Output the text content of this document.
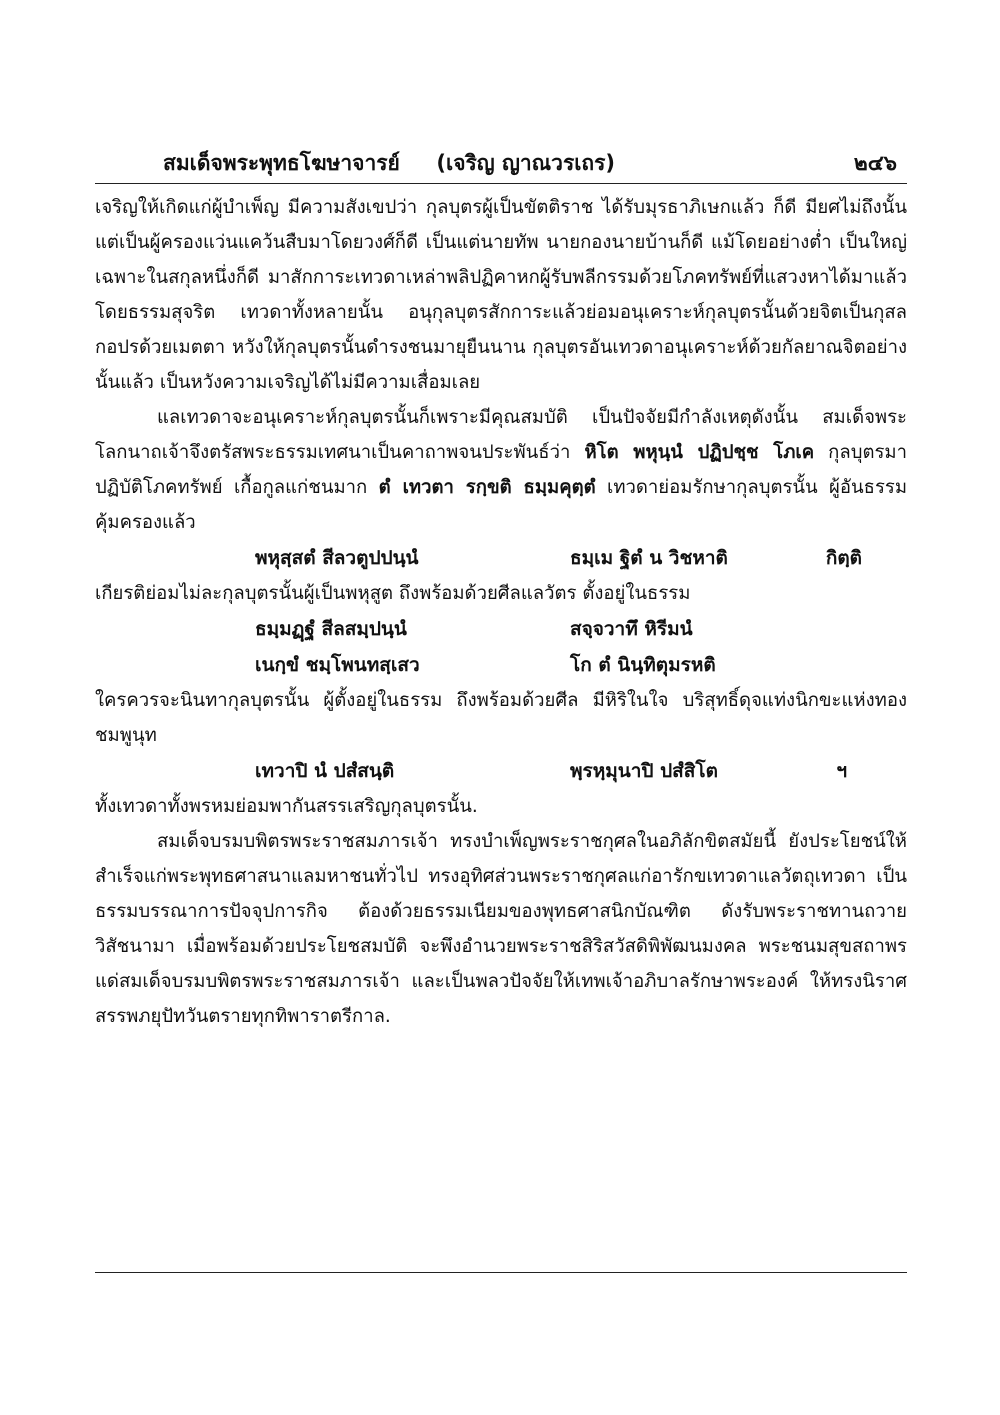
สมเด็จพระพุทธโฆษาจารย์     (เจริญ ญาณวรเถร)	๒๔๖

เจริญให้เกิดแก่ผู้บำเพ็ญ มีความสังเขปว่า กุลบุตรผู้เป็นขัตติราช ได้รับมุรธาภิเษกแล้ว ก็ดี มียศไม่ถึงนั้น แต่เป็นผู้ครองแว่นแคว้นสืบมาโดยวงศ์ก็ดี เป็นแต่นายทัพ นายกองนายบ้านก็ดี แม้โดยอย่างต่ำ เป็นใหญ่ เฉพาะในสกุลหนึ่งก็ดี มาสักการะเทวดาเหล่าพลิปฏิคาหกผู้รับพลีกรรมด้วยโภคทรัพย์ที่แสวงหาได้มาแล้วโดยธรรมสุจริต เทวดาทั้งหลายนั้น อนุกุลบุตรสักการะแล้วย่อมอนุเคราะห์กุลบุตรนั้นด้วยจิตเป็นกุสลกอปรด้วยเมตตา หวังให้กุลบุตรนั้นดำรงชนมายุยืนนาน กุลบุตรอันเทวดาอนุเคราะห์ด้วยกัลยาณจิตอย่างนั้นแล้ว เป็นหวังความเจริญได้ไม่มีความเสื่อมเลย

แลเทวดาจะอนุเคราะห์กุลบุตรนั้นก็เพราะมีคุณสมบัติ เป็นปัจจัยมีกำลังเหตุดังนั้น สมเด็จพระโลกนาถเจ้าจึงตรัสพระธรรมเทศนาเป็นคาถาพจนประพันธ์ว่า หิโต พหุนฺนํ ปฏิปชฺช โภเค กุลบุตรมาปฏิบัติโภคทรัพย์ เกื้อกูลแก่ชนมาก ตํ เทวตา รกฺขติ ธมฺมคุตฺตํ เทวดาย่อมรักษากุลบุตรนั้น ผู้อันธรรมคุ้มครองแล้ว

พหุสฺสตํ สีลวตูปปนฺนํ	ธมฺเม ฐิตํ น วิชหาติ	กิตฺติ

เกียรติย่อมไม่ละกุลบุตรนั้นผู้เป็นพหุสูต ถึงพร้อมด้วยศีลแลวัตร ตั้งอยู่ในธรรม

ธมฺมฏฺฐํ สีลสมฺปนฺนํ	สจฺจวาทึ หิรีมนํ
เนกฺขํ ชมฺโพนทสฺเสว	โก ตํ นินฺทิตุมรหติ

ใครควรจะนินทากุลบุตรนั้น ผู้ตั้งอยู่ในธรรม ถึงพร้อมด้วยศีล มีหิริในใจ บริสุทธิ์ดุจแท่งนิกขะแห่งทองชมพูนุท

เทวาปิ นํ ปสํสนฺติ	พฺรหฺมุนาปิ ปสํสิโต	ฯ

ทั้งเทวดาทั้งพรหมย่อมพากันสรรเสริญกุลบุตรนั้น.

สมเด็จบรมบพิตรพระราชสมภารเจ้า ทรงบำเพ็ญพระราชกุศลในอภิลักขิตสมัยนี้ ยังประโยชน์ให้สำเร็จแก่พระพุทธศาสนาแลมหาชนทั่วไป ทรงอุทิศส่วนพระราชกุศลแก่อารักขเทวดาแลวัตถุเทวดา เป็นธรรมบรรณาการปัจจุปการกิจ ต้องด้วยธรรมเนียมของพุทธศาสนิกบัณฑิต ดังรับพระราชทานถวายวิสัชนามา เมื่อพร้อมด้วยประโยชสมบัติ จะพึงอำนวยพระราชสิริสวัสดิพิพัฒนมงคล พระชนมสุขสถาพรแด่สมเด็จบรมบพิตรพระราชสมภารเจ้า และเป็นพลวปัจจัยให้เทพเจ้าอภิบาลรักษาพระองค์ ให้ทรงนิราศสรรพภยุปัทวันตรายทุกทิพาราตรีกาล.
